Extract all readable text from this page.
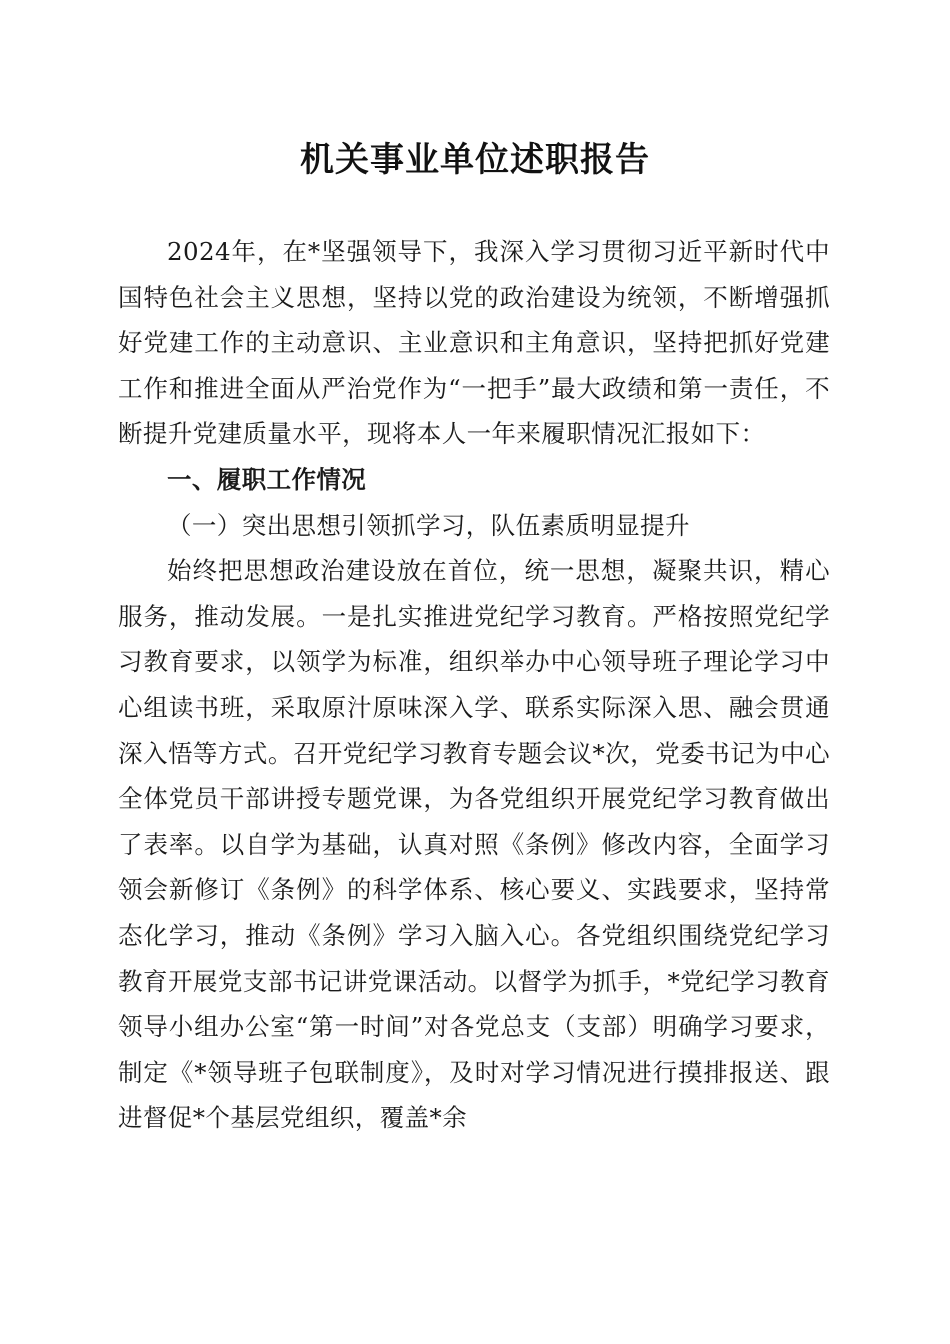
机关事业单位述职报告

2024年，在*坚强领导下，我深入学习贯彻习近平新时代中国特色社会主义思想，坚持以党的政治建设为统领，不断增强抓好党建工作的主动意识、主业意识和主角意识，坚持把抓好党建工作和推进全面从严治党作为“一把手”最大政绩和第一责任，不断提升党建质量水平，现将本人一年来履职情况汇报如下：

一、履职工作情况

（一）突出思想引领抓学习，队伍素质明显提升

始终把思想政治建设放在首位，统一思想，凝聚共识，精心服务，推动发展。一是扎实推进党纪学习教育。严格按照党纪学习教育要求，以领学为标准，组织举办中心领导班子理论学习中心组读书班，采取原汁原味深入学、联系实际深入思、融会贯通深入悟等方式。召开党纪学习教育专题会议*次，党委书记为中心全体党员干部讲授专题党课，为各党组织开展党纪学习教育做出了表率。以自学为基础，认真对照《条例》修改内容，全面学习领会新修订《条例》的科学体系、核心要义、实践要求，坚持常态化学习，推动《条例》学习入脑入心。各党组织围绕党纪学习教育开展党支部书记讲党课活动。以督学为抓手，*党纪学习教育领导小组办公室“第一时间”对各党总支（支部）明确学习要求，制定《*领导班子包联制度》，及时对学习情况进行摸排报送、跟进督促*个基层党组织，覆盖*余
